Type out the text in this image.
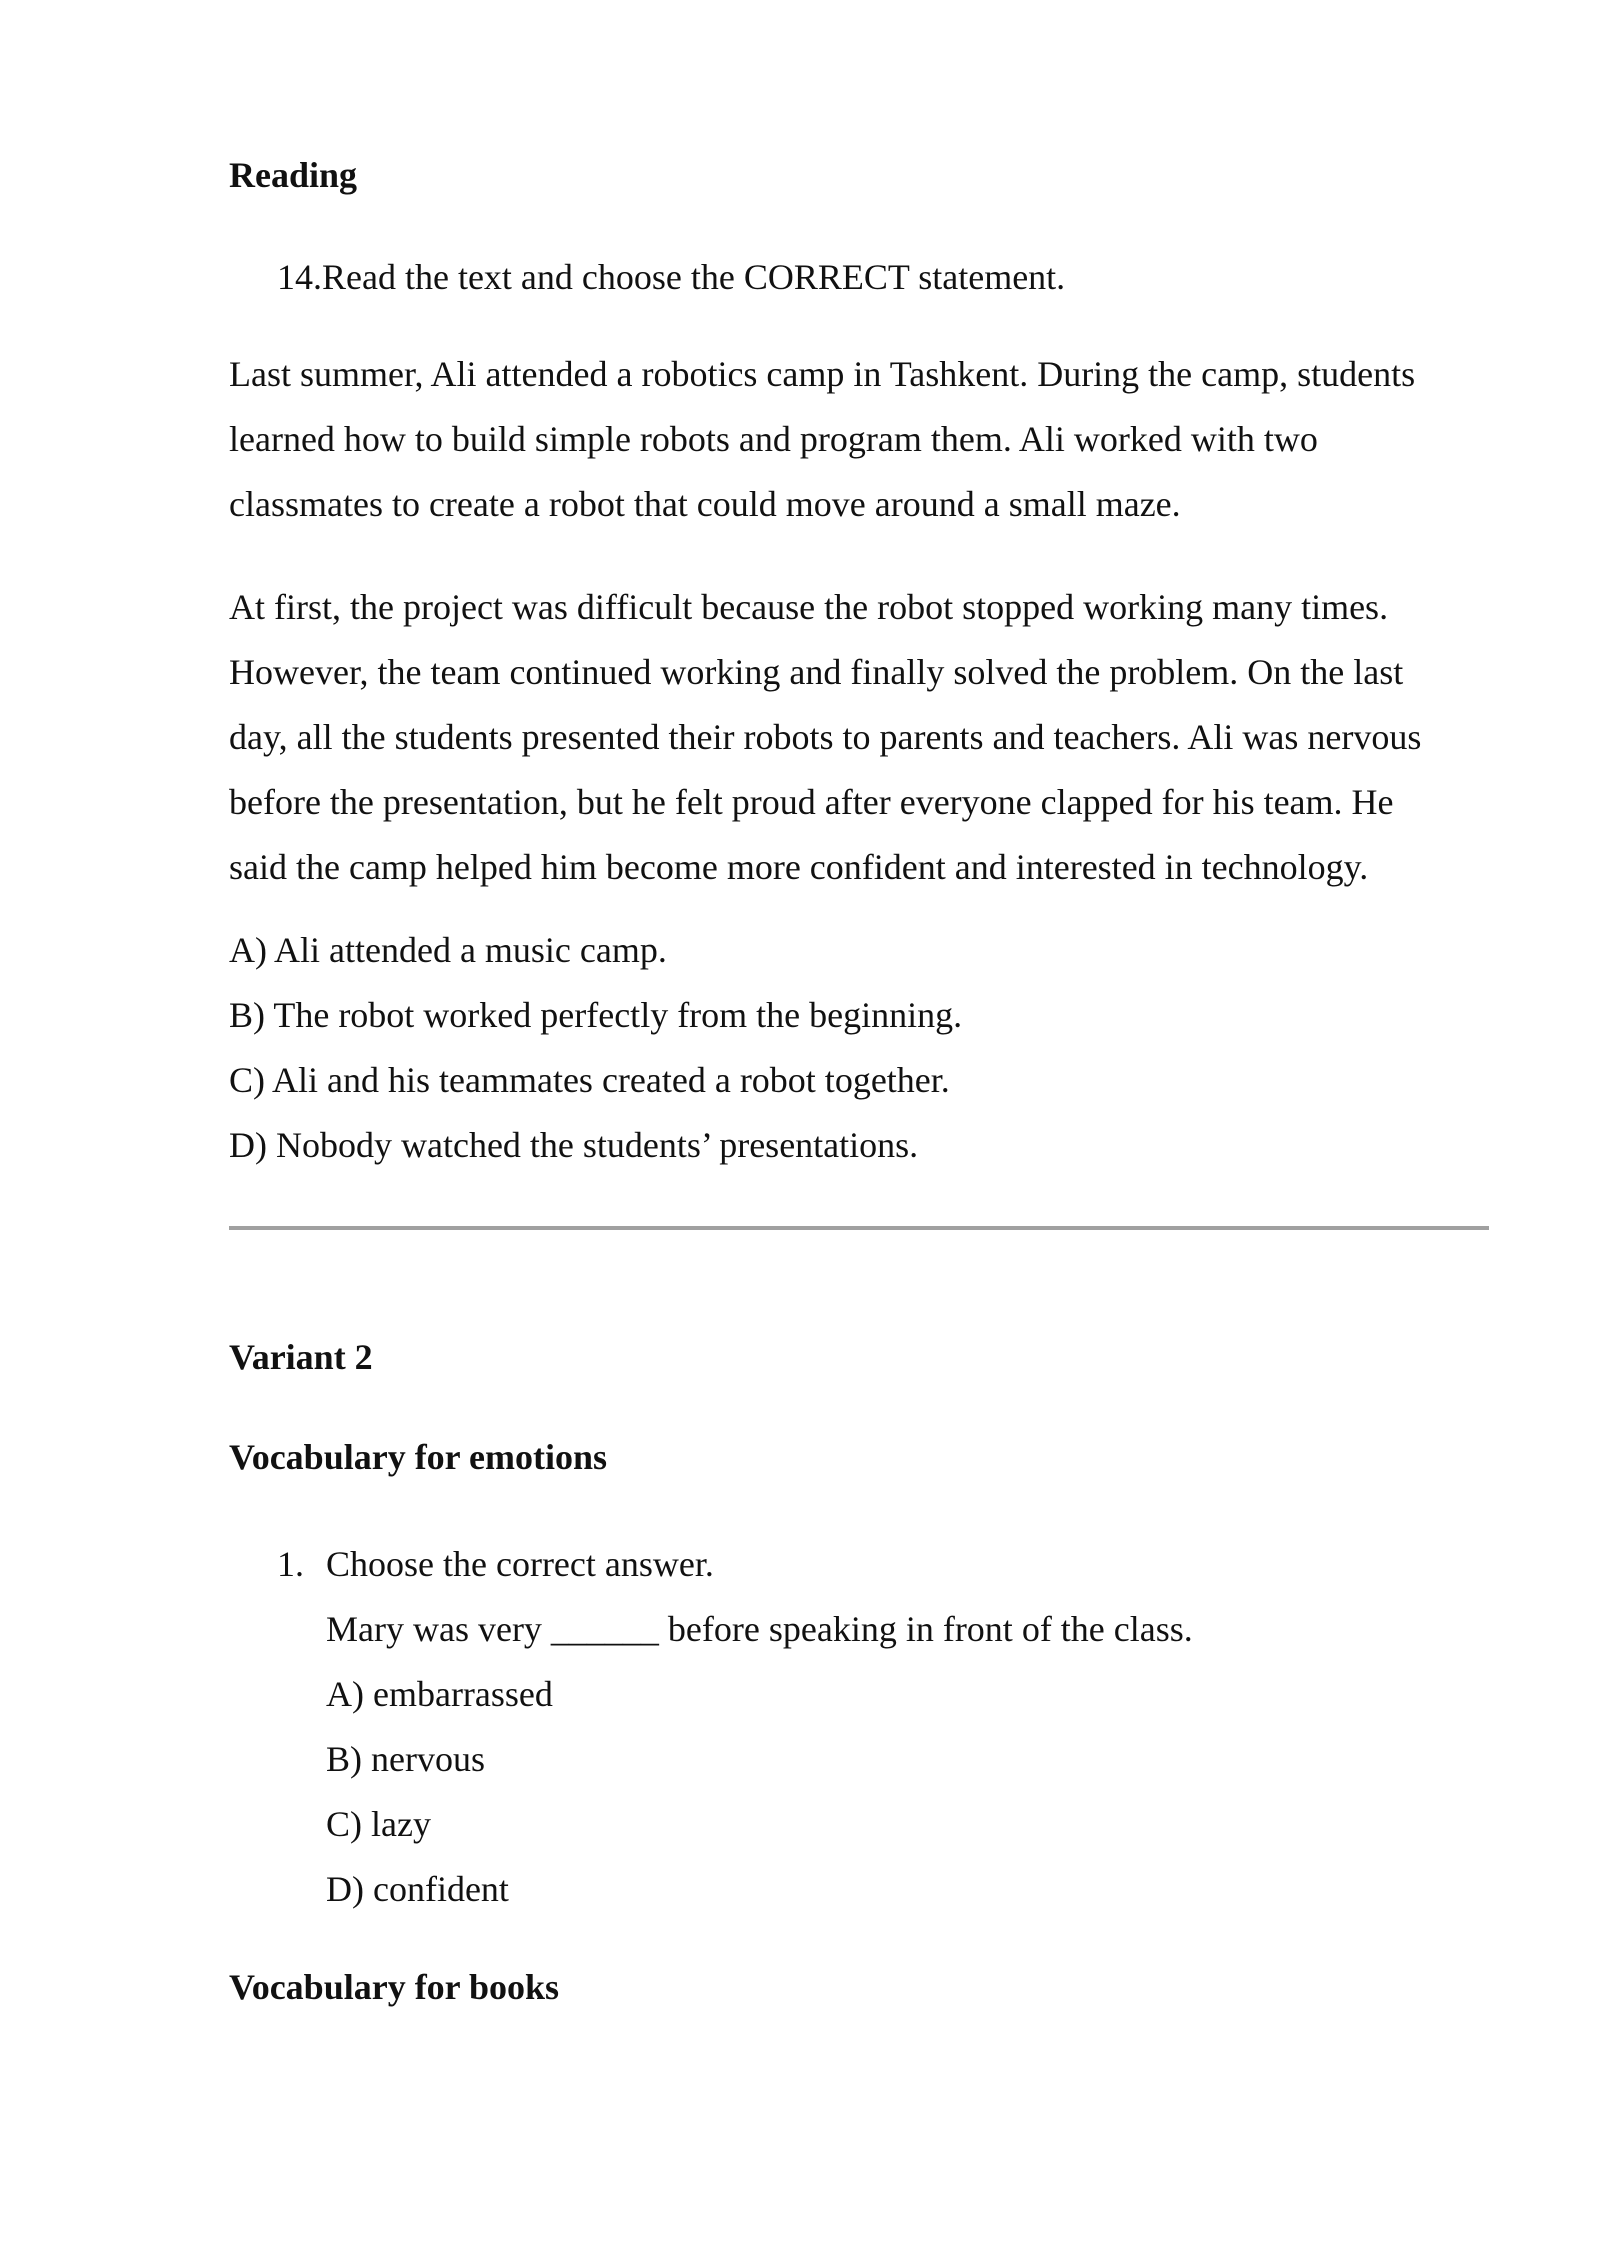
Reading

14.Read the text and choose the CORRECT statement.

Last summer, Ali attended a robotics camp in Tashkent. During the camp, students
learned how to build simple robots and program them. Ali worked with two
classmates to create a robot that could move around a small maze.
At first, the project was difficult because the robot stopped working many times.
However, the team continued working and finally solved the problem. On the last
day, all the students presented their robots to parents and teachers. Ali was nervous
before the presentation, but he felt proud after everyone clapped for his team. He
said the camp helped him become more confident and interested in technology.
A) Ali attended a music camp.
B) The robot worked perfectly from the beginning.
C) Ali and his teammates created a robot together.
D) Nobody watched the students’ presentations.

Variant 2

Vocabulary for emotions

1. Choose the correct answer.
Mary was very ______ before speaking in front of the class.
A) embarrassed
B) nervous
C) lazy
D) confident

Vocabulary for books
